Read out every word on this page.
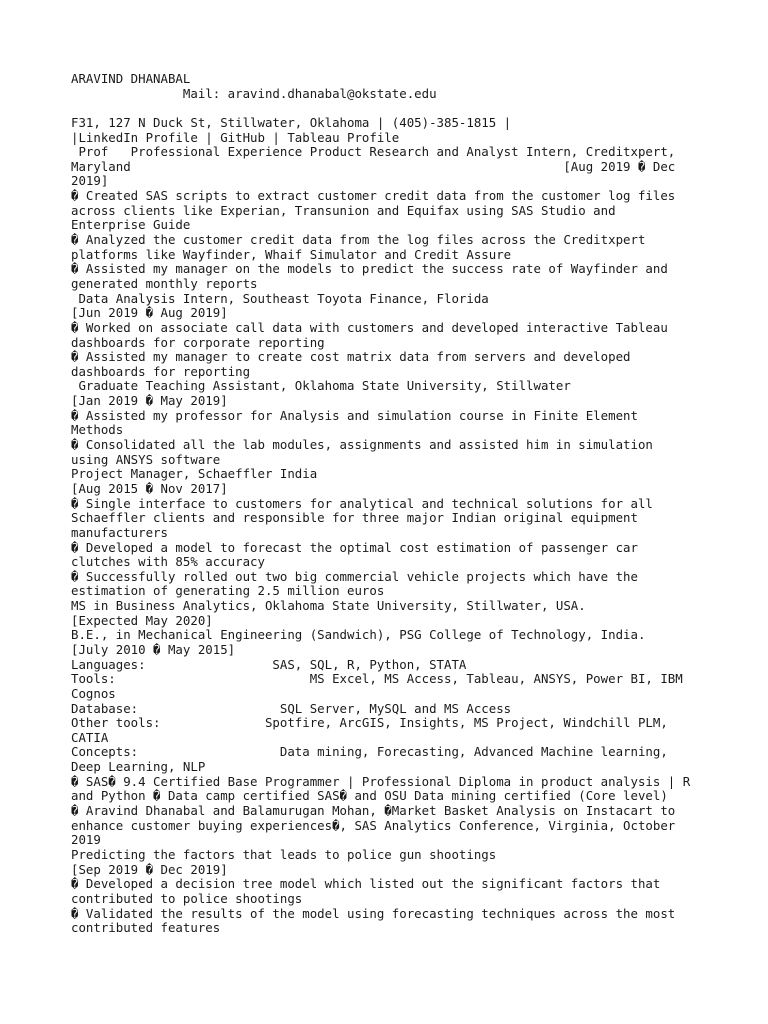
ARAVIND DHANABAL
Mail: aravind.dhanabal@okstate.edu
F31, 127 N Duck St, Stillwater, Oklahoma | (405)-385-1815 |
|LinkedIn Profile | GitHub | Tableau Profile
Prof   Professional Experience Product Research and Analyst Intern, Creditxpert,
Maryland                                                          [Aug 2019 � Dec
2019]
� Created SAS scripts to extract customer credit data from the customer log files
across clients like Experian, Transunion and Equifax using SAS Studio and
Enterprise Guide
� Analyzed the customer credit data from the log files across the Creditxpert
platforms like Wayfinder, Whaif Simulator and Credit Assure
� Assisted my manager on the models to predict the success rate of Wayfinder and
generated monthly reports
Data Analysis Intern, Southeast Toyota Finance, Florida
[Jun 2019 � Aug 2019]
� Worked on associate call data with customers and developed interactive Tableau
dashboards for corporate reporting
� Assisted my manager to create cost matrix data from servers and developed
dashboards for reporting
Graduate Teaching Assistant, Oklahoma State University, Stillwater
[Jan 2019 � May 2019]
� Assisted my professor for Analysis and simulation course in Finite Element
Methods
� Consolidated all the lab modules, assignments and assisted him in simulation
using ANSYS software
Project Manager, Schaeffler India
[Aug 2015 � Nov 2017]
� Single interface to customers for analytical and technical solutions for all
Schaeffler clients and responsible for three major Indian original equipment
manufacturers
� Developed a model to forecast the optimal cost estimation of passenger car
clutches with 85% accuracy
� Successfully rolled out two big commercial vehicle projects which have the
estimation of generating 2.5 million euros
MS in Business Analytics, Oklahoma State University, Stillwater, USA.
[Expected May 2020]
B.E., in Mechanical Engineering (Sandwich), PSG College of Technology, India.
[July 2010 � May 2015]
Languages:                 SAS, SQL, R, Python, STATA
Tools:                          MS Excel, MS Access, Tableau, ANSYS, Power BI, IBM
Cognos
Database:                   SQL Server, MySQL and MS Access
Other tools:              Spotfire, ArcGIS, Insights, MS Project, Windchill PLM,
CATIA
Concepts:                   Data mining, Forecasting, Advanced Machine learning,
Deep Learning, NLP
� SAS� 9.4 Certified Base Programmer | Professional Diploma in product analysis | R
and Python � Data camp certified SAS� and OSU Data mining certified (Core level)
� Aravind Dhanabal and Balamurugan Mohan, �Market Basket Analysis on Instacart to
enhance customer buying experiences�, SAS Analytics Conference, Virginia, October
2019
Predicting the factors that leads to police gun shootings
[Sep 2019 � Dec 2019]
� Developed a decision tree model which listed out the significant factors that
contributed to police shootings
� Validated the results of the model using forecasting techniques across the most
contributed features
